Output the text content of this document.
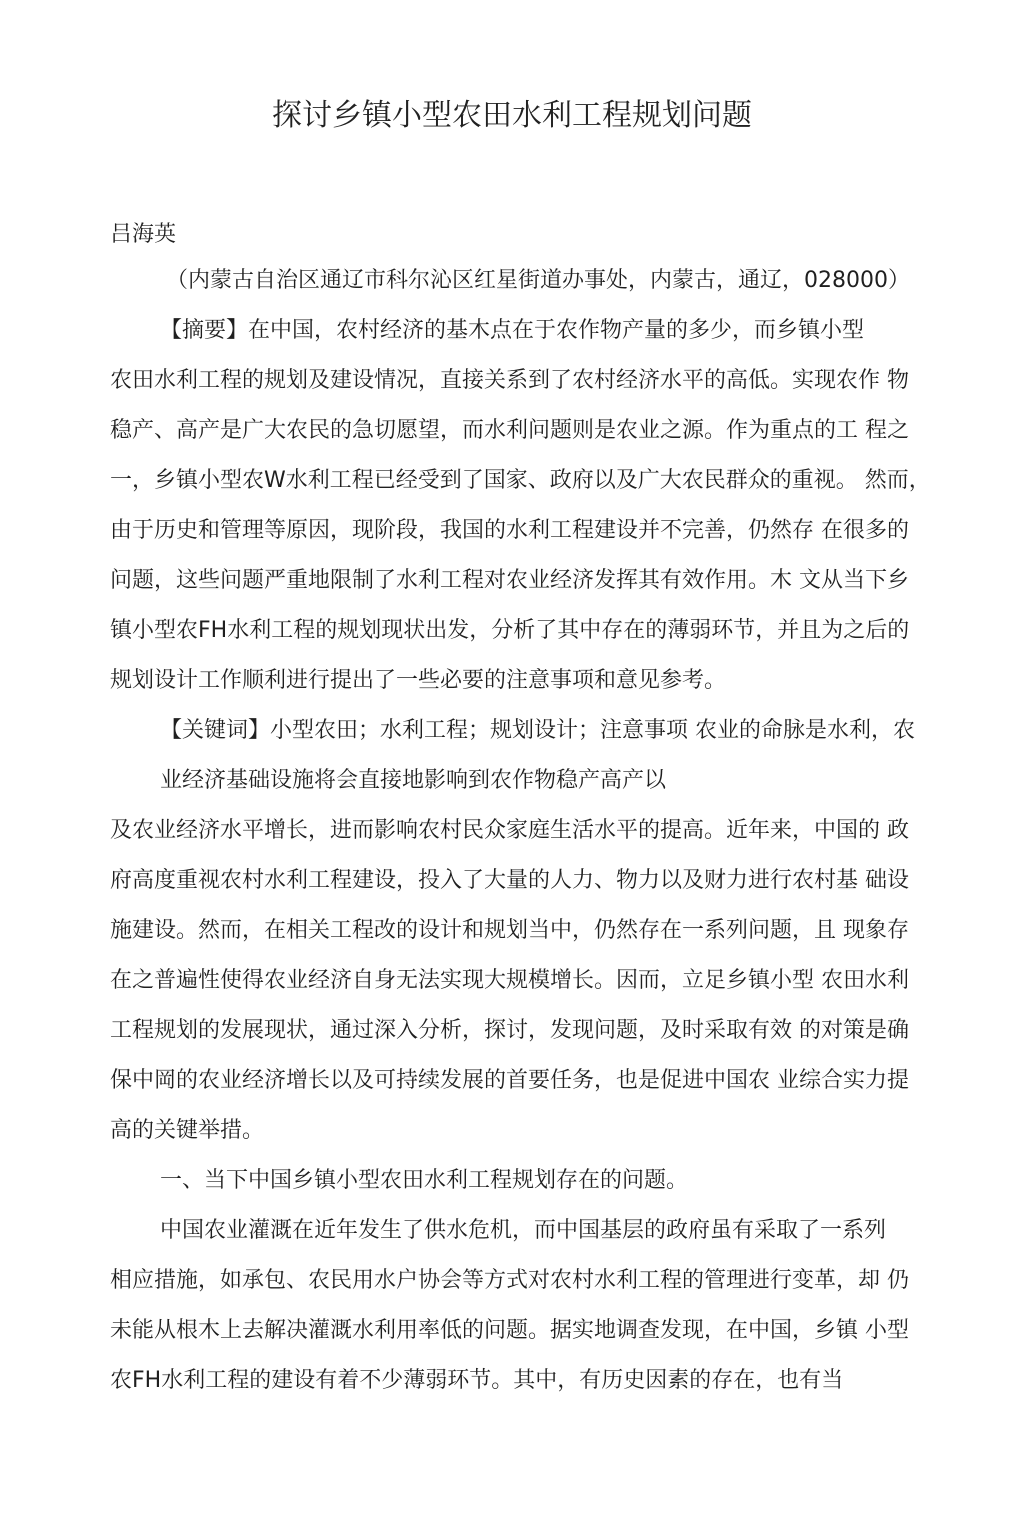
探讨乡镇小型农田水利工程规划问题
吕海英
（内蒙古自治区通辽市科尔沁区红星街道办事处，内蒙古，通辽，028000）
【摘要】在中国，农村经济的基木点在于农作物产量的多少，而乡镇小型
农田水利工程的规划及建设情况，直接关系到了农村经济水平的高低。实现农作 物
稳产、高产是广大农民的急切愿望，而水利问题则是农业之源。作为重点的工 程之
一，乡镇小型农W水利工程已经受到了国家、政府以及广大农民群众的重视。 然而，
由于历史和管理等原因，现阶段，我国的水利工程建设并不完善，仍然存 在很多的
问题，这些问题严重地限制了水利工程对农业经济发挥其有效作用。木 文从当下乡
镇小型农FH水利工程的规划现状出发，分析了其中存在的薄弱环节，并且为之后的
规划设计工作顺利进行提出了一些必要的注意事项和意见参考。
【关键词】小型农田；水利工程；规划设计；注意事项 农业的命脉是水利，农
业经济基础设施将会直接地影响到农作物稳产高产以
及农业经济水平增长，进而影响农村民众家庭生活水平的提高。近年来，中国的 政
府高度重视农村水利工程建设，投入了大量的人力、物力以及财力进行农村基 础设
施建设。然而，在相关工程改的设计和规划当中，仍然存在一系列问题，且 现象存
在之普遍性使得农业经济自身无法实现大规模增长。因而，立足乡镇小型 农田水利
工程规划的发展现状，通过深入分析，探讨，发现问题，及时采取有效 的对策是确
保中岡的农业经济增长以及可持续发展的首要任务，也是促进中国农 业综合实力提
高的关键举措。
一、当下中国乡镇小型农田水利工程规划存在的问题。
中国农业灌溉在近年发生了供水危机，而中国基层的政府虽有采取了一系列
相应措施，如承包、农民用水户协会等方式对农村水利工程的管理进行变革，却 仍
未能从根木上去解决灌溉水利用率低的问题。据实地调查发现，在中国，乡镇 小型
农FH水利工程的建设有着不少薄弱环节。其中，有历史因素的存在，也有当
